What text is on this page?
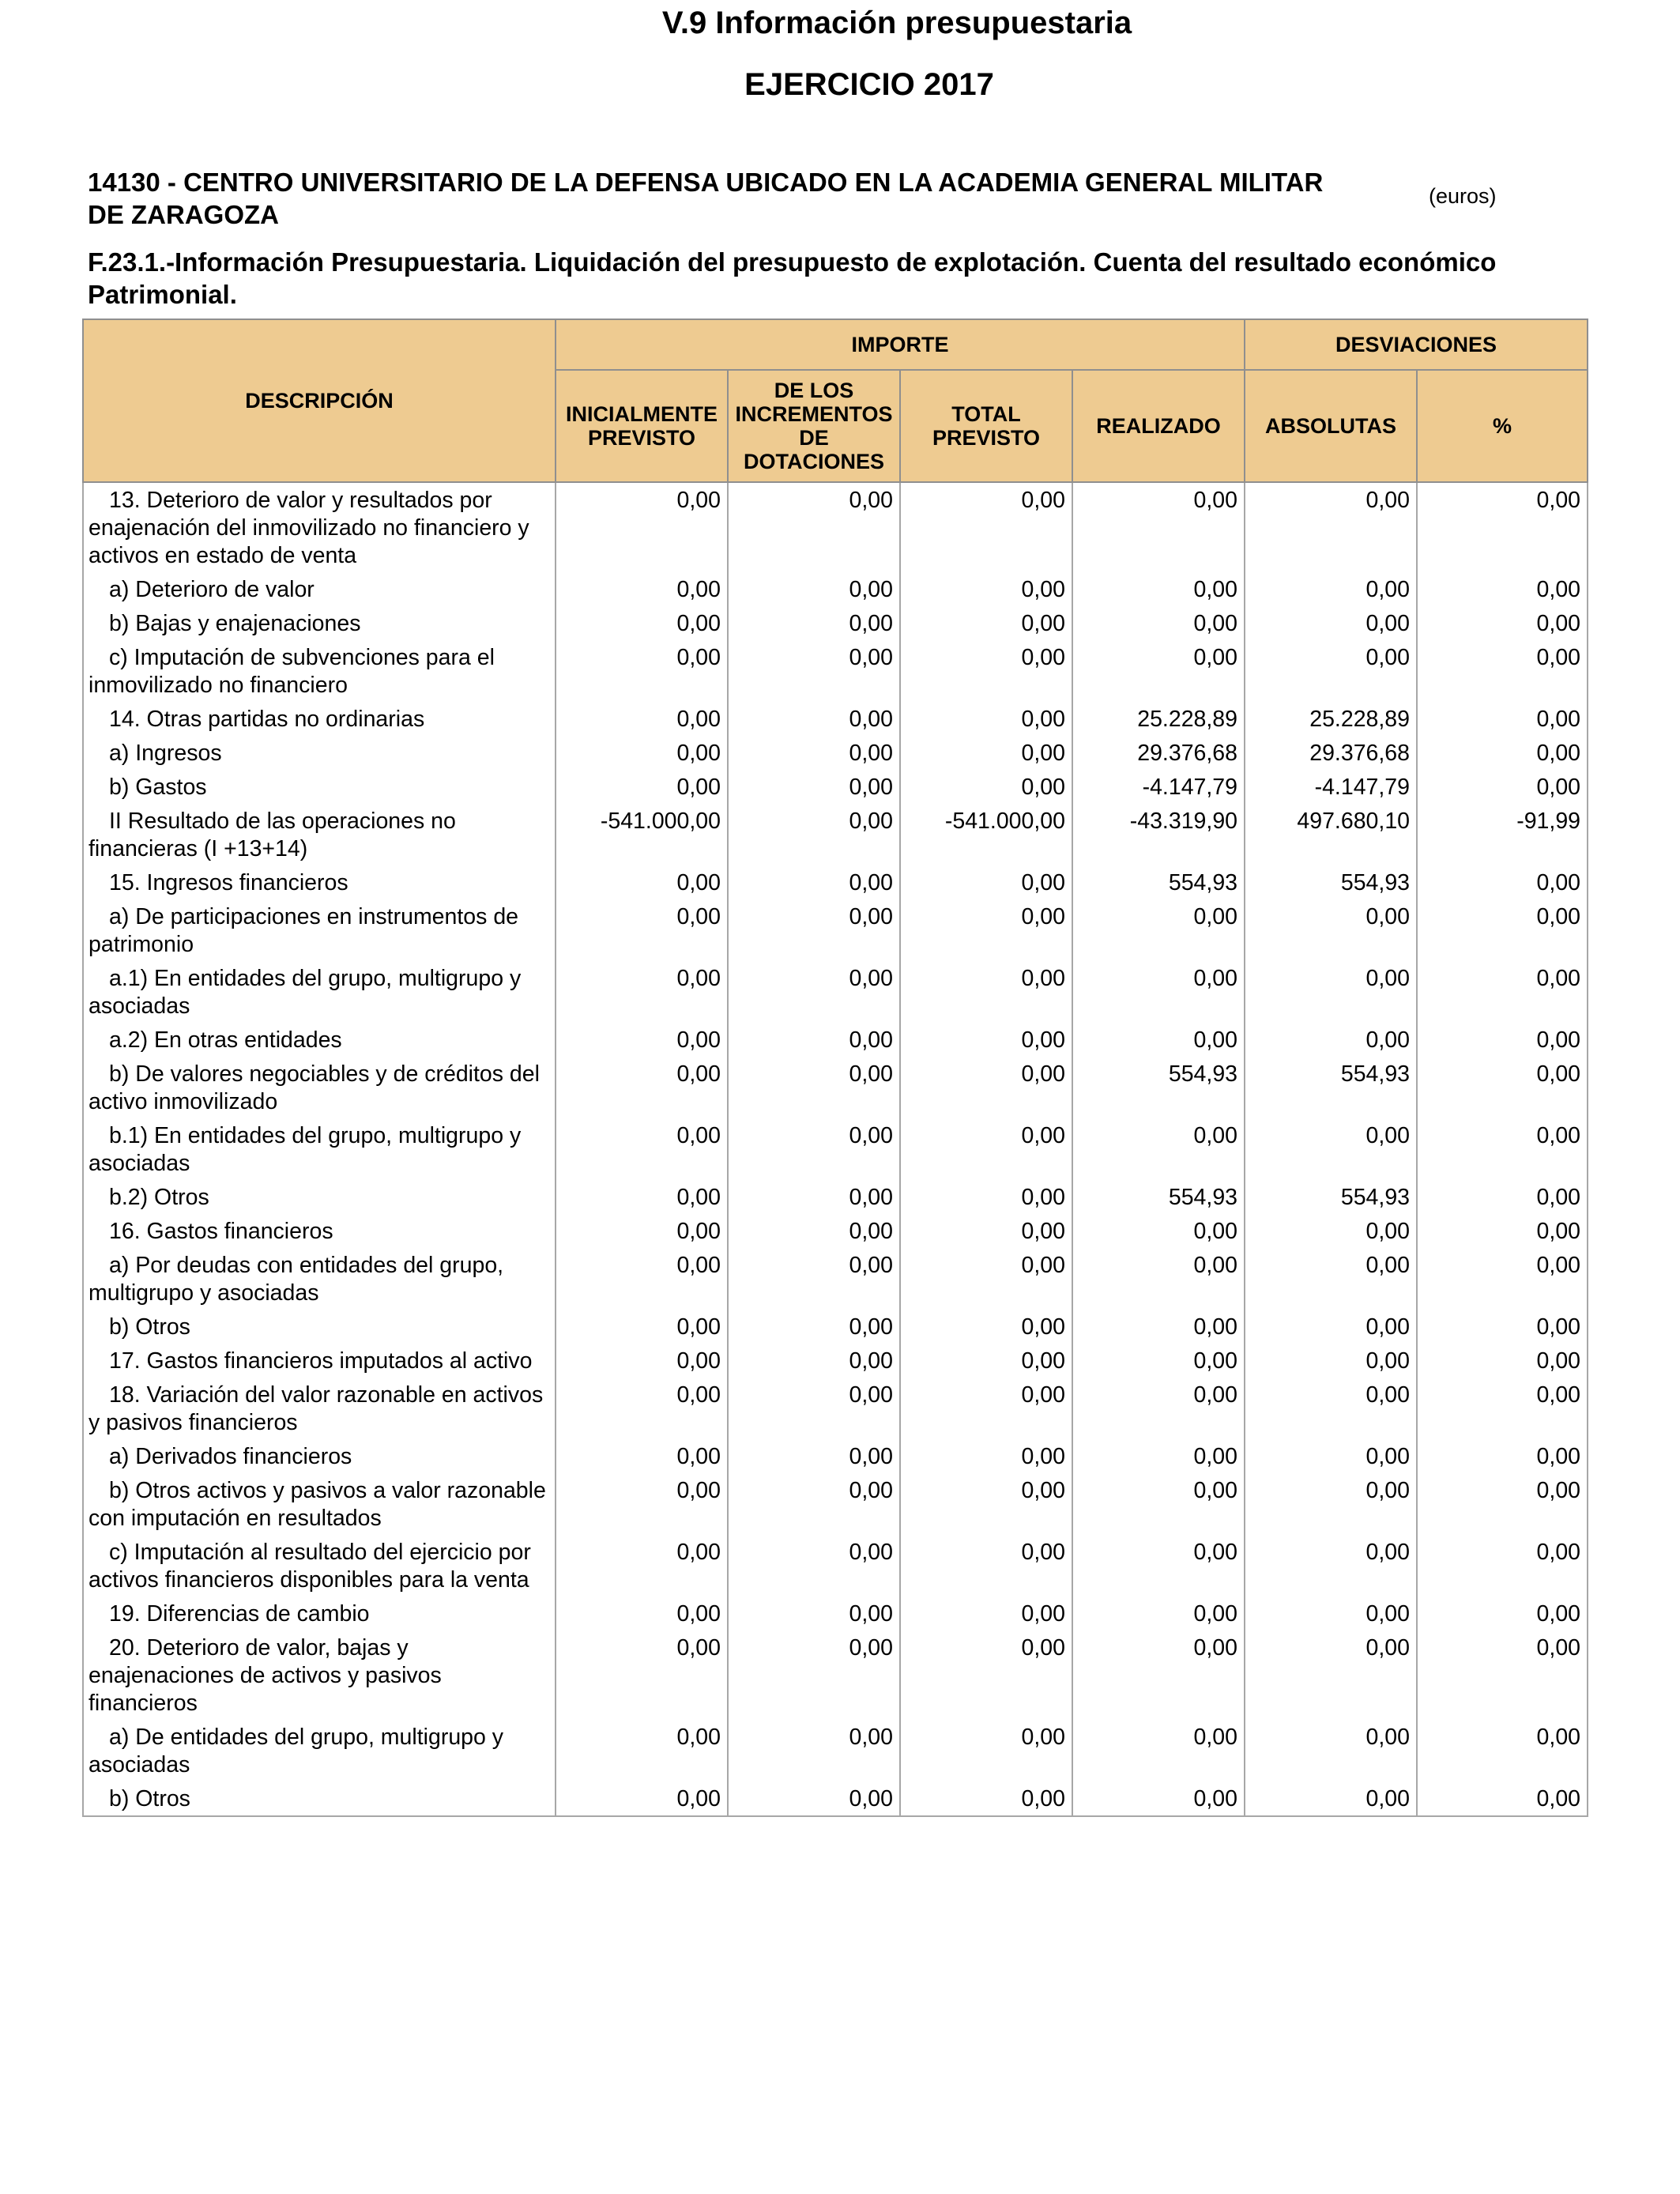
V.9 Información presupuestaria
EJERCICIO 2017
14130 - CENTRO UNIVERSITARIO DE LA DEFENSA UBICADO EN LA ACADEMIA GENERAL MILITAR DE ZARAGOZA
(euros)
F.23.1.-Información Presupuestaria. Liquidación del presupuesto de explotación. Cuenta del resultado económico Patrimonial.
DESCRIPCIÓN	IMPORTE				DESVIACIONES	
	INICIALMENTE PREVISTO	DE LOS INCREMENTOS DE DOTACIONES	TOTAL PREVISTO	REALIZADO	ABSOLUTAS	%
13. Deterioro de valor y resultados por enajenación del inmovilizado no financiero y activos en estado de venta	0,00	0,00	0,00	0,00	0,00	0,00
a) Deterioro de valor	0,00	0,00	0,00	0,00	0,00	0,00
b) Bajas y enajenaciones	0,00	0,00	0,00	0,00	0,00	0,00
c) Imputación de subvenciones para el inmovilizado no financiero	0,00	0,00	0,00	0,00	0,00	0,00
14. Otras partidas no ordinarias	0,00	0,00	0,00	25.228,89	25.228,89	0,00
a) Ingresos	0,00	0,00	0,00	29.376,68	29.376,68	0,00
b) Gastos	0,00	0,00	0,00	-4.147,79	-4.147,79	0,00
II Resultado de las operaciones no financieras (I +13+14)	-541.000,00	0,00	-541.000,00	-43.319,90	497.680,10	-91,99
15. Ingresos financieros	0,00	0,00	0,00	554,93	554,93	0,00
a) De participaciones en instrumentos de patrimonio	0,00	0,00	0,00	0,00	0,00	0,00
a.1) En entidades del grupo, multigrupo y asociadas	0,00	0,00	0,00	0,00	0,00	0,00
a.2) En otras entidades	0,00	0,00	0,00	0,00	0,00	0,00
b) De valores negociables y de créditos del activo inmovilizado	0,00	0,00	0,00	554,93	554,93	0,00
b.1) En entidades del grupo, multigrupo y asociadas	0,00	0,00	0,00	0,00	0,00	0,00
b.2) Otros	0,00	0,00	0,00	554,93	554,93	0,00
16. Gastos financieros	0,00	0,00	0,00	0,00	0,00	0,00
a) Por deudas con entidades del grupo, multigrupo y asociadas	0,00	0,00	0,00	0,00	0,00	0,00
b) Otros	0,00	0,00	0,00	0,00	0,00	0,00
17. Gastos financieros imputados al activo	0,00	0,00	0,00	0,00	0,00	0,00
18. Variación del valor razonable en activos y pasivos financieros	0,00	0,00	0,00	0,00	0,00	0,00
a) Derivados financieros	0,00	0,00	0,00	0,00	0,00	0,00
b) Otros activos y pasivos a valor razonable con imputación en resultados	0,00	0,00	0,00	0,00	0,00	0,00
c) Imputación al resultado del ejercicio por activos financieros disponibles para la venta	0,00	0,00	0,00	0,00	0,00	0,00
19. Diferencias de cambio	0,00	0,00	0,00	0,00	0,00	0,00
20. Deterioro de valor, bajas y enajenaciones de activos y pasivos financieros	0,00	0,00	0,00	0,00	0,00	0,00
a) De entidades del grupo, multigrupo y asociadas	0,00	0,00	0,00	0,00	0,00	0,00
b) Otros	0,00	0,00	0,00	0,00	0,00	0,00
